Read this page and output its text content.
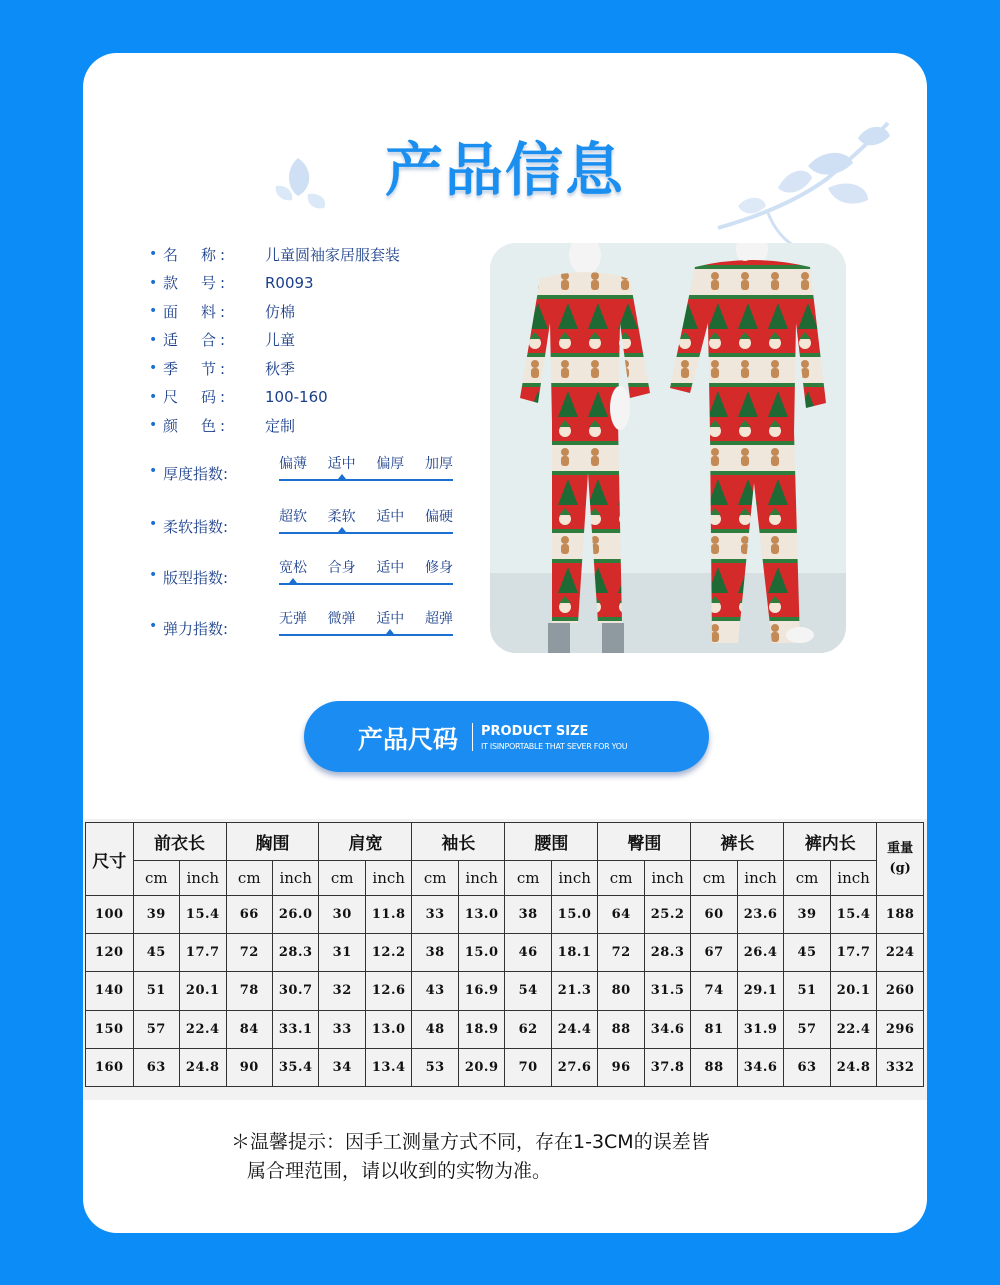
产品信息
• 名　称:	儿童圆袖家居服套装
• 款　号:	R0093
• 面　料:	仿棉
• 适　合:	儿童
• 季　节:	秋季
• 尺　码:	100-160
• 颜　色:	定制
• 厚度指数:
偏薄 适中 偏厚 加厚
• 柔软指数:
超软 柔软 适中 偏硬
• 版型指数:
宽松 合身 适中 修身
• 弹力指数:
无弹 微弹 适中 超弹
产品尺码 PRODUCT SIZE
IT ISINPORTABLE THAT SEVER FOR YOU
尺寸	前衣长		胸围		肩宽		袖长		腰围		臀围		裤长		裤内长		重量
(g)
	cm	inch	cm	inch	cm	inch	cm	inch	cm	inch	cm	inch	cm	inch	cm	inch	
100	39	15.4	66	26.0	30	11.8	33	13.0	38	15.0	64	25.2	60	23.6	39	15.4	188
120	45	17.7	72	28.3	31	12.2	38	15.0	46	18.1	72	28.3	67	26.4	45	17.7	224
140	51	20.1	78	30.7	32	12.6	43	16.9	54	21.3	80	31.5	74	29.1	51	20.1	260
150	57	22.4	84	33.1	33	13.0	48	18.9	62	24.4	88	34.6	81	31.9	57	22.4	296
160	63	24.8	90	35.4	34	13.4	53	20.9	70	27.6	96	37.8	88	34.6	63	24.8	332
＊温馨提示：因手工测量方式不同，存在1-3CM的误差皆
属合理范围，请以收到的实物为准。
